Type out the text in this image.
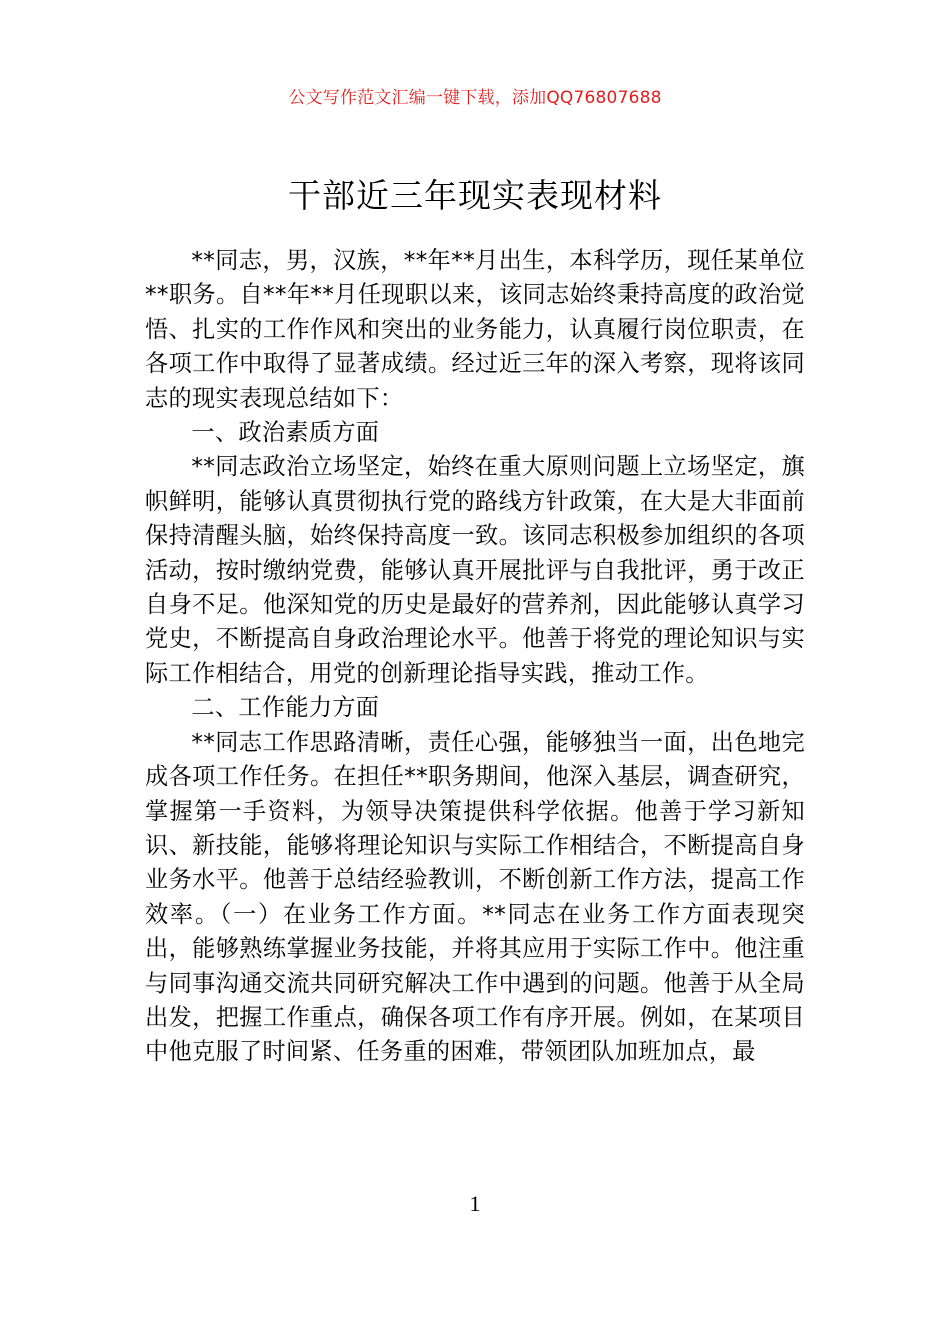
公文写作范文汇编一键下载，添加QQ76807688
干部近三年现实表现材料

**同志，男，汉族，**年**月出生，本科学历，现任某单位**职务。自**年**月任现职以来，该同志始终秉持高度的政治觉悟、扎实的工作作风和突出的业务能力，认真履行岗位职责，在各项工作中取得了显著成绩。经过近三年的深入考察，现将该同志的现实表现总结如下：

一、政治素质方面

**同志政治立场坚定，始终在重大原则问题上立场坚定，旗帜鲜明，能够认真贯彻执行党的路线方针政策，在大是大非面前保持清醒头脑，始终保持高度一致。该同志积极参加组织的各项活动，按时缴纳党费，能够认真开展批评与自我批评，勇于改正自身不足。他深知党的历史是最好的营养剂，因此能够认真学习党史，不断提高自身政治理论水平。他善于将党的理论知识与实际工作相结合，用党的创新理论指导实践，推动工作。

二、工作能力方面

**同志工作思路清晰，责任心强，能够独当一面，出色地完成各项工作任务。在担任**职务期间，他深入基层，调查研究，掌握第一手资料，为领导决策提供科学依据。他善于学习新知识、新技能，能够将理论知识与实际工作相结合，不断提高自身业务水平。他善于总结经验教训，不断创新工作方法，提高工作效率。（一）在业务工作方面。**同志在业务工作方面表现突出，能够熟练掌握业务技能，并将其应用于实际工作中。他注重与同事沟通交流共同研究解决工作中遇到的问题。他善于从全局出发，把握工作重点，确保各项工作有序开展。例如，在某项目中他克服了时间紧、任务重的困难，带领团队加班加点，最

1
